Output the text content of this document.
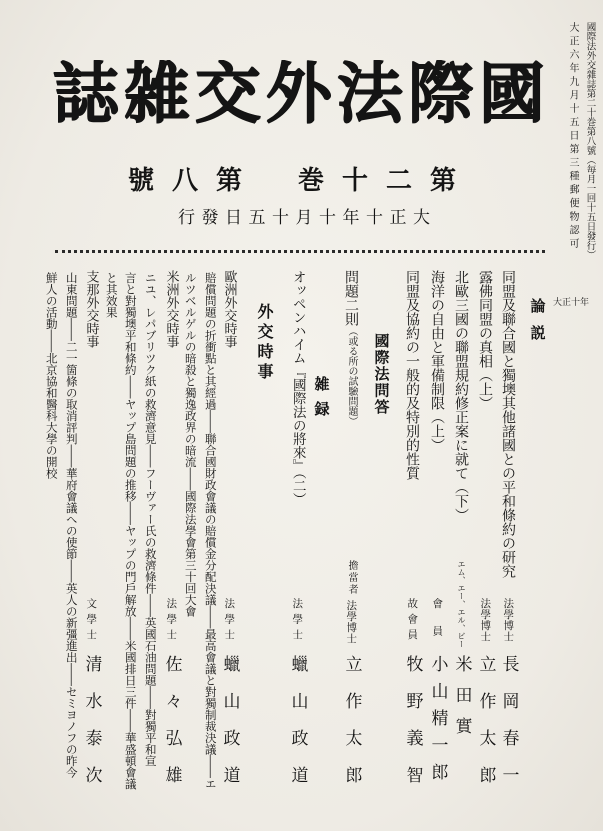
國際法外交雑誌
第二十巻
第八號
大正十年十月十五日發行	國際法外交雜誌第二十巻第八號（毎月一回十五日發行）
大正六年九月十五日第三種郵便物認可
大正十年
論説
同盟及聯合國と獨墺其他諸國との平和條約の研究
法學博士
長岡春一
露佛同盟の真相（上）
法學博士
立作太郎
北歐三國の聯盟規約修正案に就て（下）
エム、エー、エル、ビー
米田實
海洋の自由と軍備制限（上）
會員
小山精一郎
同盟及協約の一般的及特別的性質
故會員
牧野義智
國際法問答
問題二則（或る所の試驗問題）
擔當者
法學博士
立作太郎
雑録
オッペンハイム『國際法の將來』（二）
法學士
蠟山政道
外交時事
歐洲外交時事
法學士
蠟山政道
賠償問題の折衝點と其經過――聯合國財政會議の賠償金分配決議――最高會議と對獨制裁決議――エ
ルツベルゲルの暗殺と獨逸政界の暗流――國際法學會第三十回大會
米洲外交時事
法學士
佐々弘雄
ニユ、レパブリツク紙の救濟意見――フーヴァー氏の救濟條件――英國石油問題――對獨平和宣
言と對獨墺平和條約――ヤップ島問題の推移――ヤップの門戶解放――米國排日三件――華盛頓會議
と其效果
支那外交時事
文學士
清水泰次
山東問題――二一箇條の取消評判――華府會議への使節――英人の新彊進出――セミヨノフの昨今
鮮人の活動――北京協和醫科大學の開校
